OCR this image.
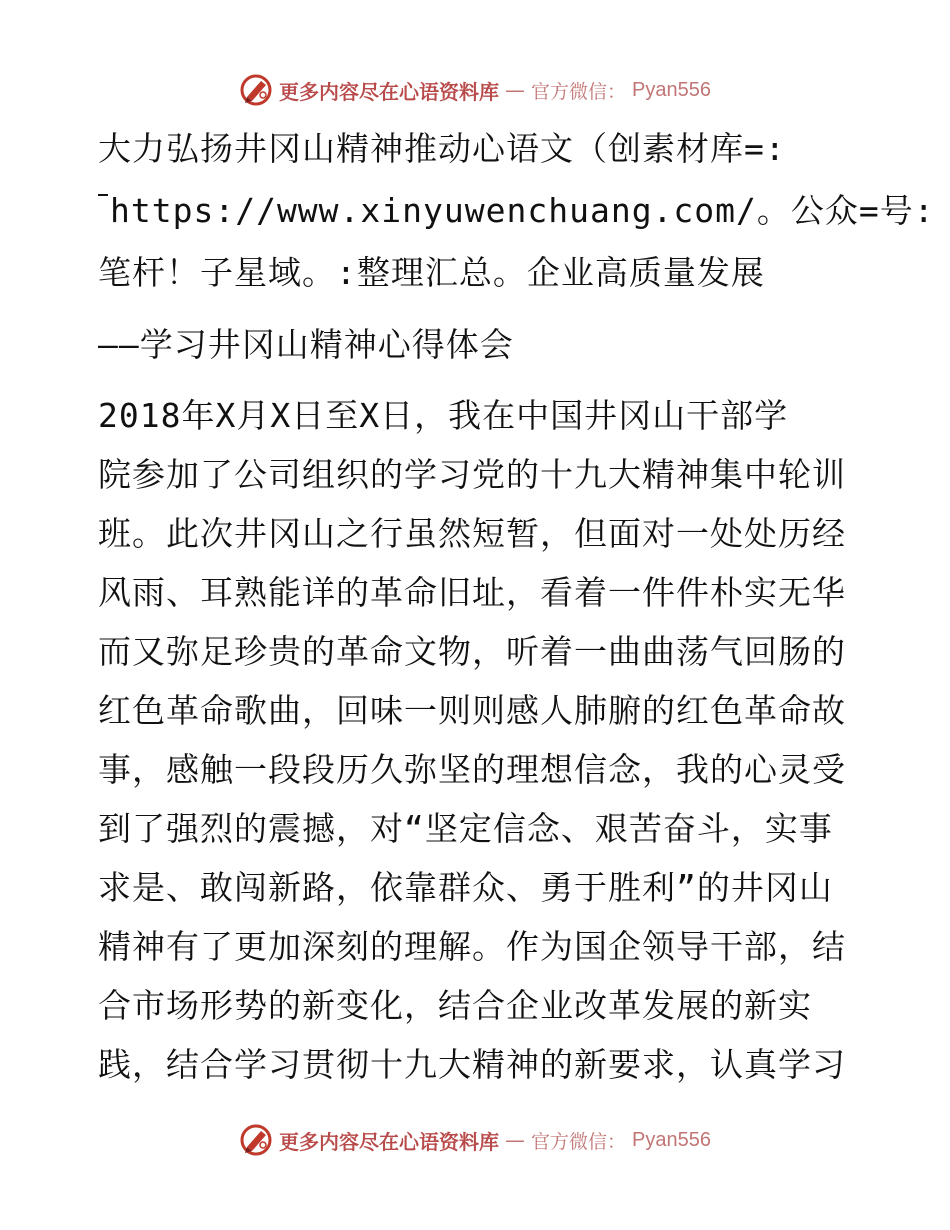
更多内容尽在心语资料库 — 官方微信： Pyan556
大力弘扬井冈山精神推动心语文（创素材库=:
https://www.xinyuwenchuang.com/。公众=号:
笔杆！子星域。:整理汇总。企业高质量发展
——学习井冈山精神心得体会
2018年X月X日至X日，我在中国井冈山干部学
院参加了公司组织的学习党的十九大精神集中轮训
班。此次井冈山之行虽然短暂，但面对一处处历经
风雨、耳熟能详的革命旧址，看着一件件朴实无华
而又弥足珍贵的革命文物，听着一曲曲荡气回肠的
红色革命歌曲，回味一则则感人肺腑的红色革命故
事，感触一段段历久弥坚的理想信念，我的心灵受
到了强烈的震撼，对“坚定信念、艰苦奋斗，实事
求是、敢闯新路，依靠群众、勇于胜利”的井冈山
精神有了更加深刻的理解。作为国企领导干部，结
合市场形势的新变化，结合企业改革发展的新实
践，结合学习贯彻十九大精神的新要求，认真学习
更多内容尽在心语资料库 — 官方微信： Pyan556
